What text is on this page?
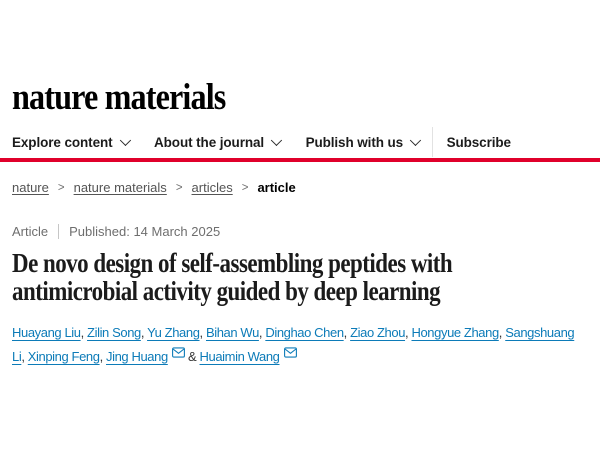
nature materials
Explore content	About the journal	Publish with us	Subscribe
nature > nature materials > articles > article
Article Published: 14 March 2025
De novo design of self-assembling peptides with
antimicrobial activity guided by deep learning
Huayang Liu, Zilin Song, Yu Zhang, Bihan Wu, Dinghao Chen, Ziao Zhou, Hongyue Zhang, Sangshuang Li, Xinping Feng, Jing Huang & Huaimin Wang
